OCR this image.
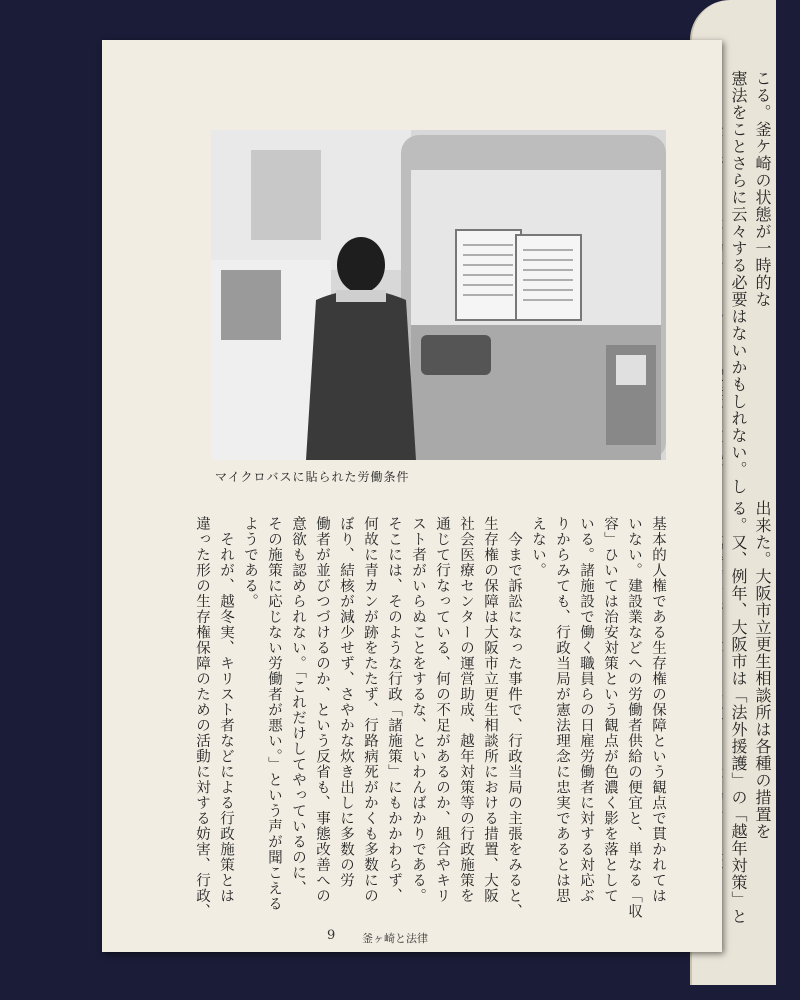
こる。釜ケ崎の状態が一時的な
憲法をことさらに云々する必要はないかもしれない。し
出来た。大阪市立更生相談所は各種の措置を
る。又、例年、大阪市は「法外援護」の「越年対策」と
マイクロバスに貼られた労働条件
基本的人権である生存権の保障という観点で貫かれては
いない。建設業などへの労働者供給の便宜と、単なる「収
容」ひいては治安対策という観点が色濃く影を落として
いる。諸施設で働く職員らの日雇労働者に対する対応ぶ
りからみても、行政当局が憲法理念に忠実であるとは思
えない。
　今まで訴訟になった事件で、行政当局の主張をみると、
生存権の保障は大阪市立更生相談所における措置、大阪
社会医療センターの運営助成、越年対策等の行政施策を
通じて行なっている、何の不足があるのか、組合やキリ
スト者がいらぬことをするな、といわんばかりである。
そこには、そのような行政「諸施策」にもかかわらず、
何故に青カンが跡をたたず、行路病死がかくも多数にの
ぼり、結核が減少せず、さやかな炊き出しに多数の労
働者が並びつづけるのか、という反省も、事態改善への
意欲も認められない。「これだけしてやっているのに、
その施策に応じない労働者が悪い。」という声が聞こえる
ようである。
　それが、越冬実、キリスト者などによる行政施策とは
違った形の生存権保障のための活動に対する妨害、行政、
9 釜ヶ崎と法律
